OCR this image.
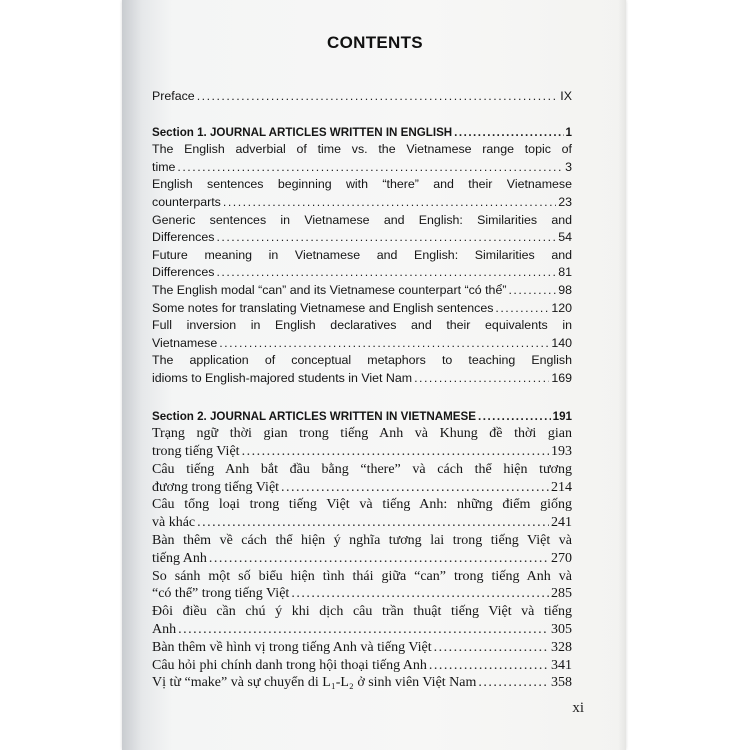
CONTENTS
Preface .....	IX
Section 1. JOURNAL ARTICLES WRITTEN IN ENGLISH .....	1
The English adverbial of time vs. the Vietnamese range topic of
time .....	3
English sentences beginning with “there” and their Vietnamese
counterparts .....	23
Generic sentences in Vietnamese and English: Similarities and
Differences .....	54
Future meaning in Vietnamese and English: Similarities and
Differences .....	81
The English modal “can” and its Vietnamese counterpart “có thể” .....	98
Some notes for translating Vietnamese and English sentences .....	120
Full inversion in English declaratives and their equivalents in
Vietnamese .....	140
The application of conceptual metaphors to teaching English
idioms to English-majored students in Viet Nam .....	169
Section 2. JOURNAL ARTICLES WRITTEN IN VIETNAMESE .....	191
Trạng ngữ thời gian trong tiếng Anh và Khung đề thời gian
trong tiếng Việt .....	193
Câu tiếng Anh bắt đầu bằng “there” và cách thể hiện tương
đương trong tiếng Việt .....	214
Câu tổng loại trong tiếng Việt và tiếng Anh: những điểm giống
và khác .....	241
Bàn thêm về cách thể hiện ý nghĩa tương lai trong tiếng Việt và
tiếng Anh .....	270
So sánh một số biểu hiện tình thái giữa “can” trong tiếng Anh và
“có thể” trong tiếng Việt .....	285
Đôi điều cần chú ý khi dịch câu trần thuật tiếng Việt và tiếng
Anh .....	305
Bàn thêm về hình vị trong tiếng Anh và tiếng Việt .....	328
Câu hỏi phi chính danh trong hội thoại tiếng Anh .....	341
Vị từ “make” và sự chuyển di L₁-L₂ ở sinh viên Việt Nam .....	358
xi
